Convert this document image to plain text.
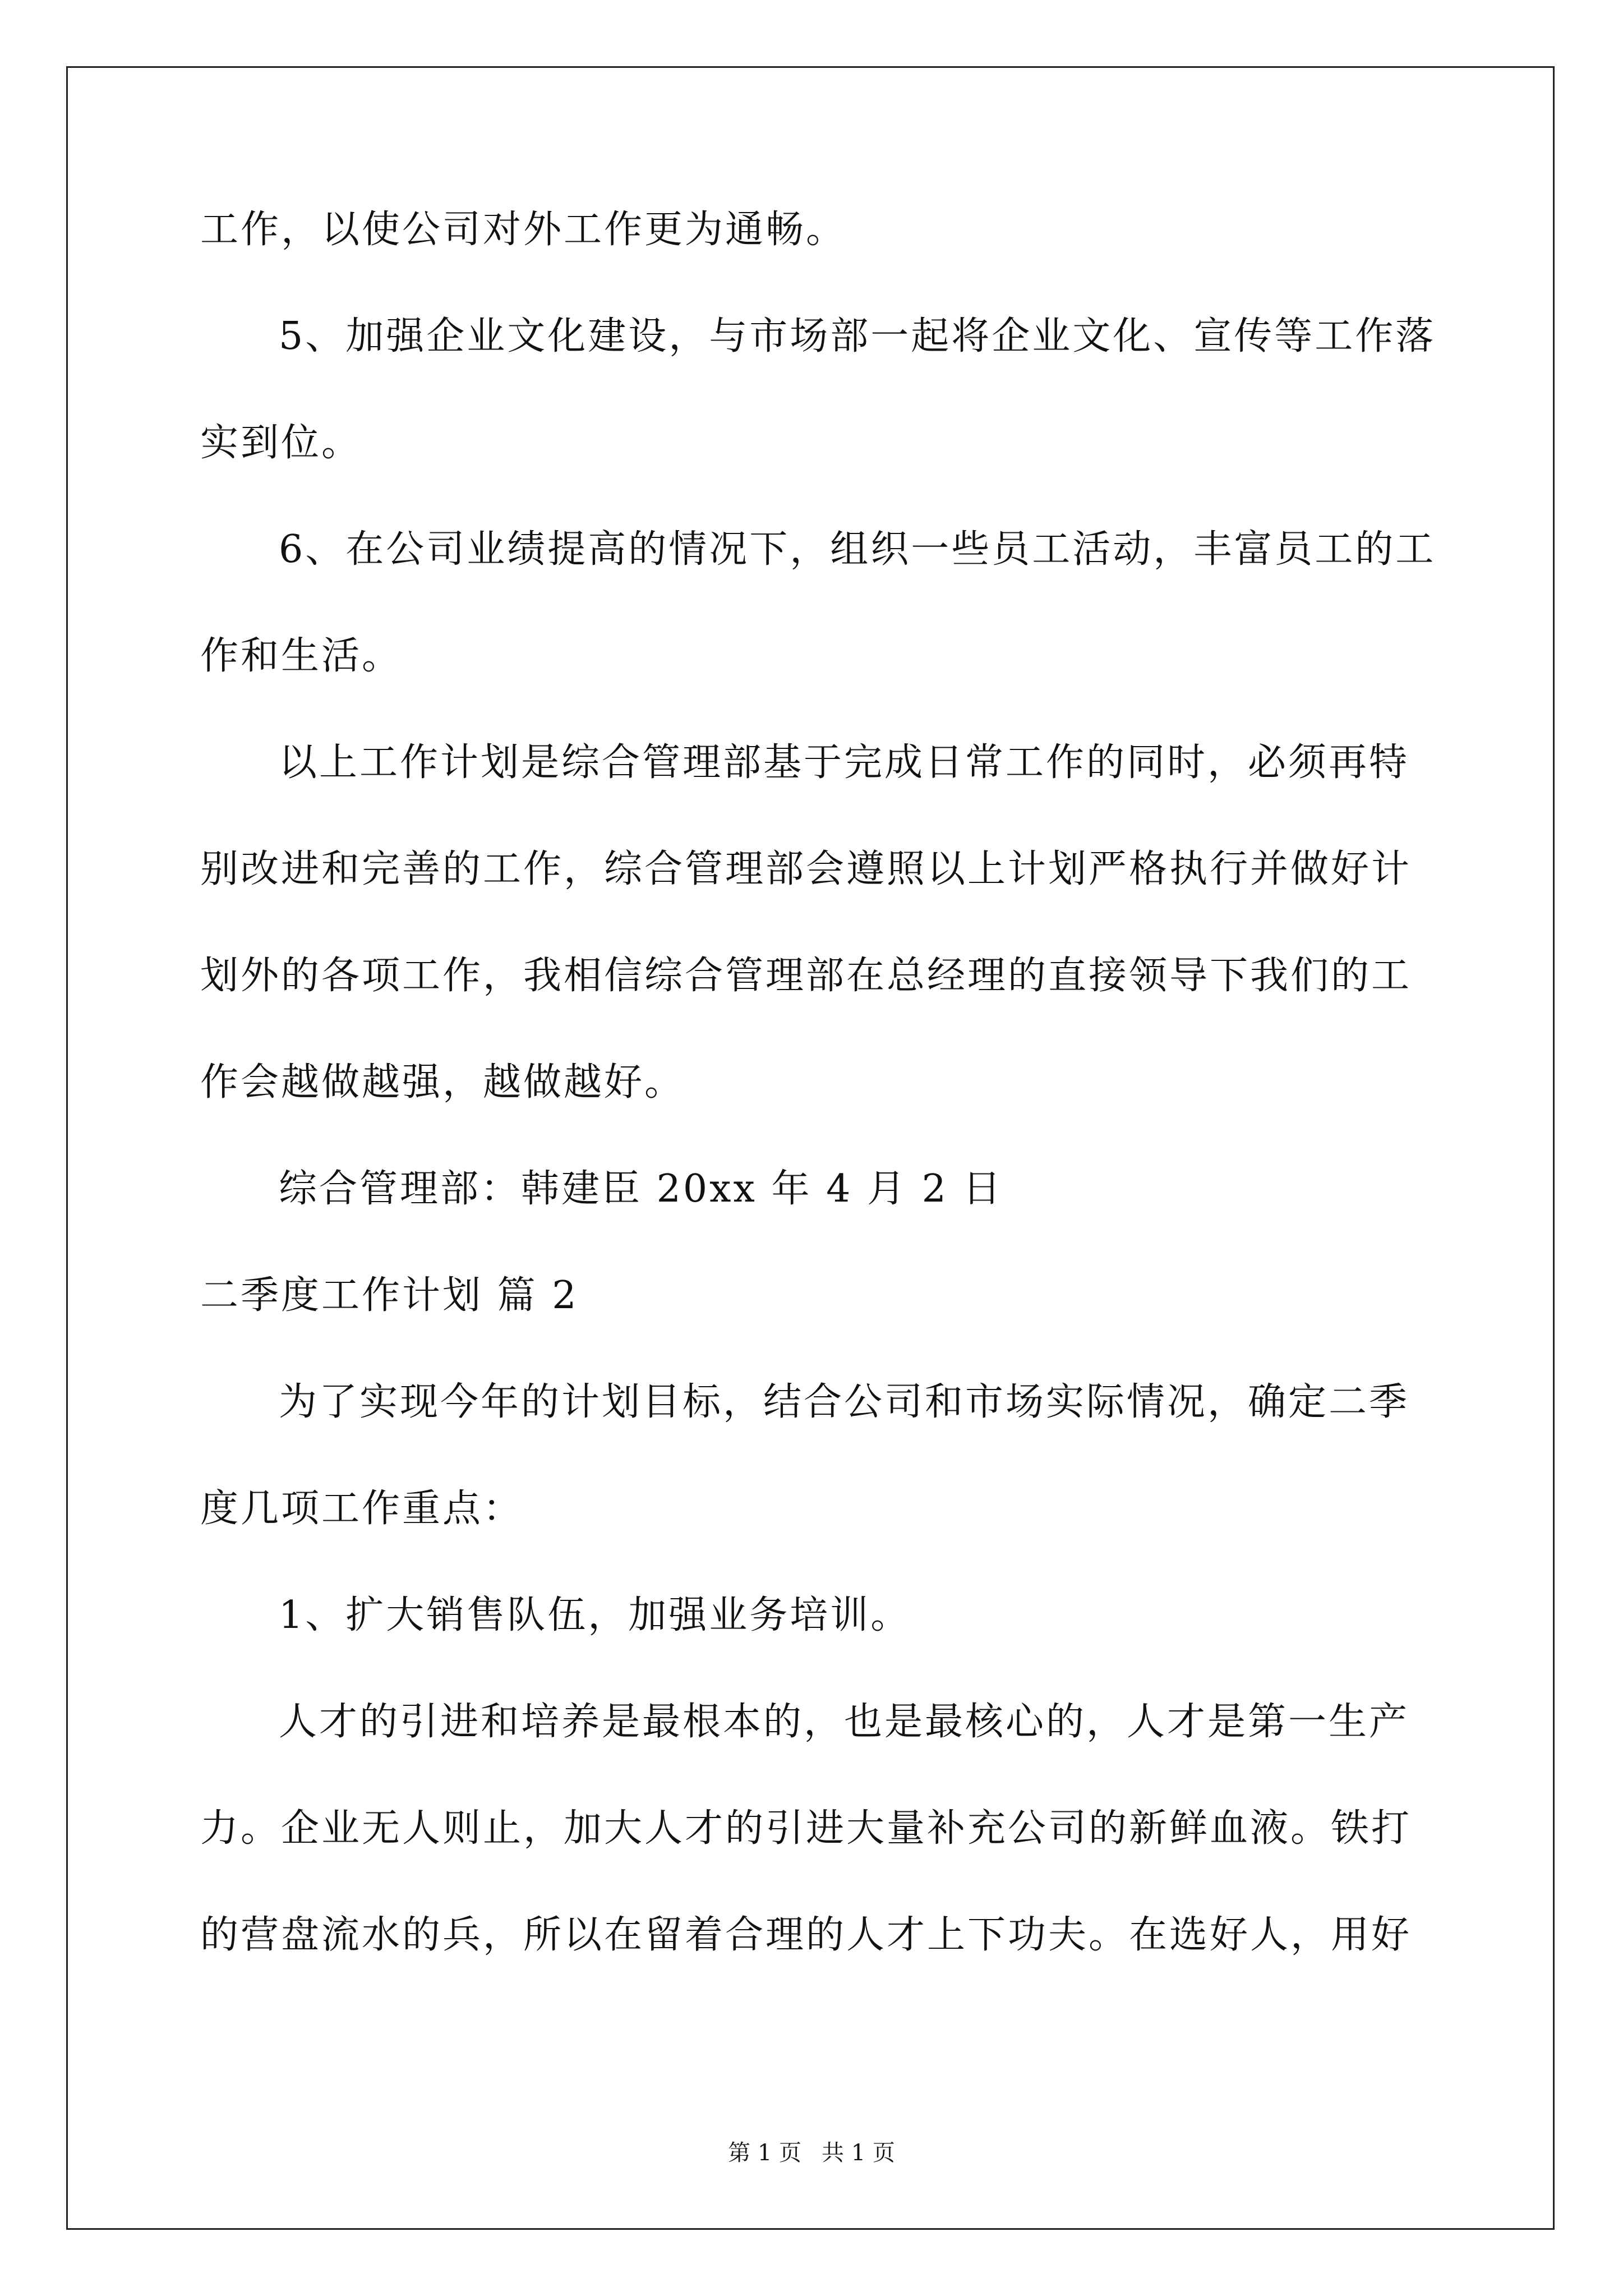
工作，以使公司对外工作更为通畅。
5、加强企业文化建设，与市场部一起将企业文化、宣传等工作落
实到位。
6、在公司业绩提高的情况下，组织一些员工活动，丰富员工的工
作和生活。
以上工作计划是综合管理部基于完成日常工作的同时，必须再特
别改进和完善的工作，综合管理部会遵照以上计划严格执行并做好计
划外的各项工作，我相信综合管理部在总经理的直接领导下我们的工
作会越做越强，越做越好。
综合管理部：韩建臣 20xx 年 4 月 2 日
二季度工作计划 篇 2
为了实现今年的计划目标，结合公司和市场实际情况，确定二季
度几项工作重点：
1、扩大销售队伍，加强业务培训。
人才的引进和培养是最根本的，也是最核心的，人才是第一生产
力。企业无人则止，加大人才的引进大量补充公司的新鲜血液。铁打
的营盘流水的兵，所以在留着合理的人才上下功夫。在选好人，用好
第 1 页 共 1 页
